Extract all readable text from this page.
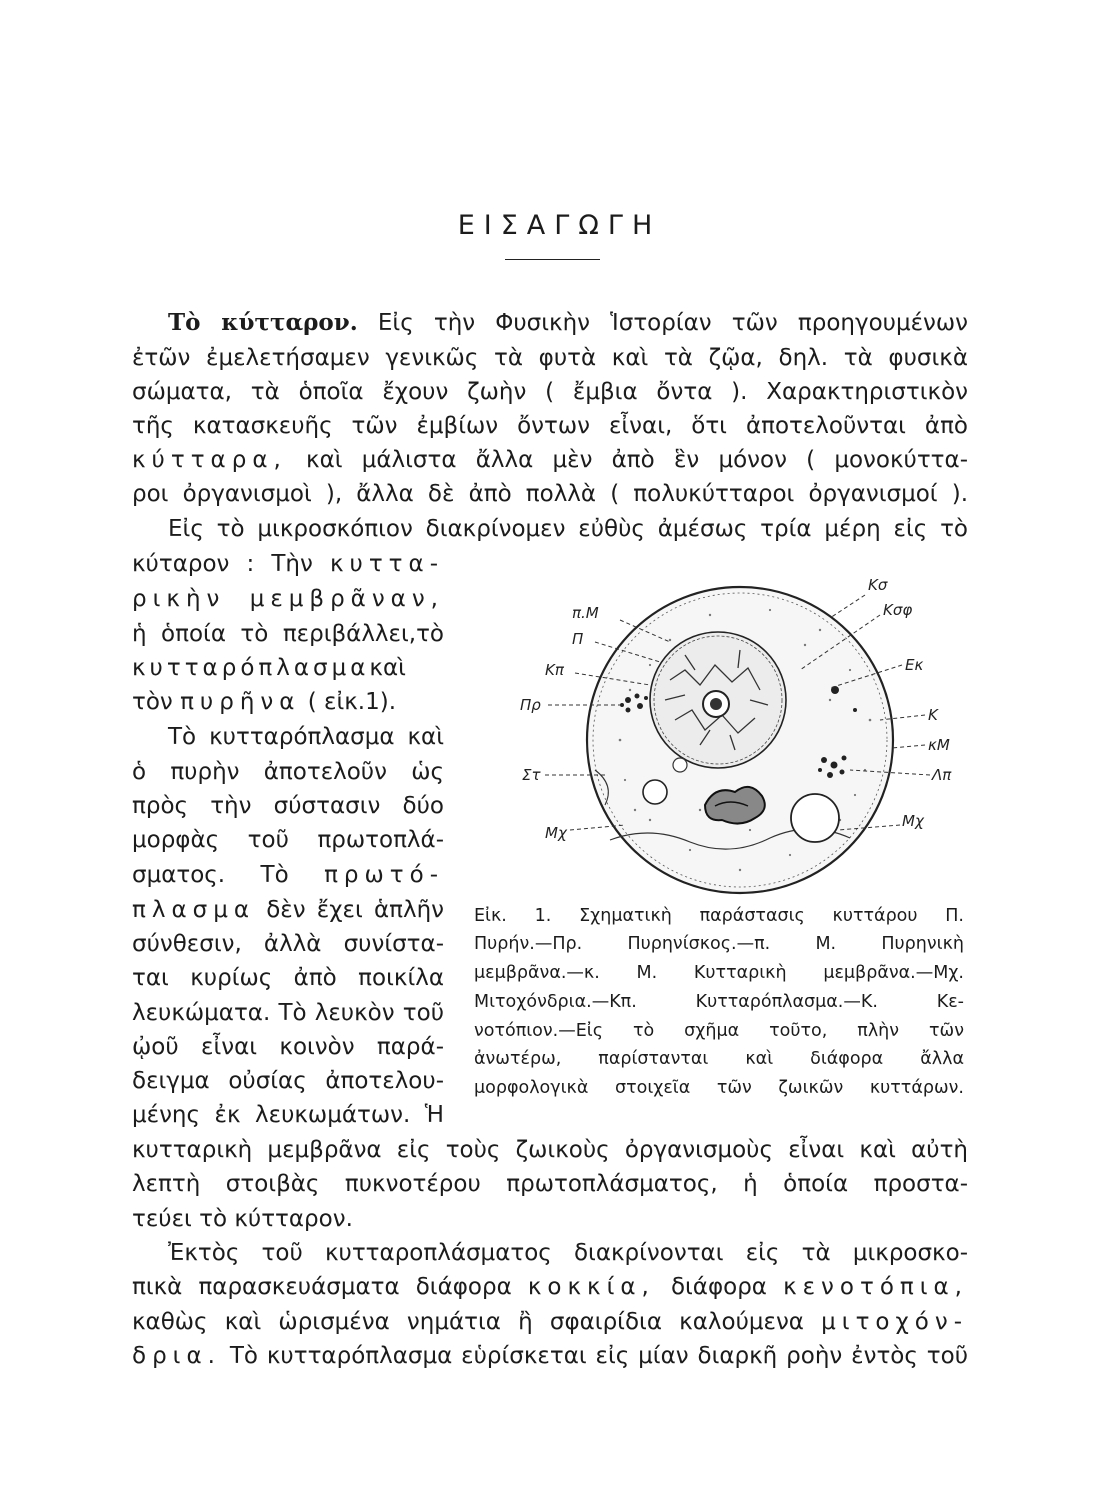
ΕΙΣΑΓΩΓΗ
Τὸ κύτταρον. Εἰς τὴν Φυσικὴν Ἱστορίαν τῶν προηγουμένων
ἐτῶν ἐμελετήσαμεν γενικῶς τὰ φυτὰ καὶ τὰ ζῷα, δηλ. τὰ φυσικὰ
σώματα, τὰ ὁποῖα ἔχουν ζωὴν ( ἔμβια ὄντα ). Χαρακτηριστικὸν
τῆς κατασκευῆς τῶν ἐμβίων ὄντων εἶναι, ὅτι ἀποτελοῦνται ἀπὸ
κύτταρα, καὶ μάλιστα ἄλλα μὲν ἀπὸ ἓν μόνον ( μονοκύττα-
ροι ὀργανισμοὶ ), ἄλλα δὲ ἀπὸ πολλὰ ( πολυκύτταροι ὀργανισμοί ).
Εἰς τὸ μικροσκόπιον διακρίνομεν εὐθὺς ἀμέσως τρία μέρη εἰς τὸ
κύταρον : Τὴν κυττα-
ρικὴν μεμβρᾶναν,
ἡ ὁποία τὸ περιβάλλει,τὸ
κυτταρόπλασμακαὶ
τὸν πυρῆνα ( εἰκ.1).
Τὸ κυτταρόπλασμα καὶ
ὁ πυρὴν ἀποτελοῦν ὡς
πρὸς τὴν σύστασιν δύο
μορφὰς τοῦ πρωτοπλά-
σματος. Τὸ πρωτό-
πλασμα δὲν ἔχει ἁπλῆν
σύνθεσιν, ἀλλὰ συνίστα-
ται κυρίως ἀπὸ ποικίλα
λευκώματα. Τὸ λευκὸν τοῦ
ᾠοῦ εἶναι κοινὸν παρά-
δειγμα οὐσίας ἀποτελου-
μένης ἐκ λευκωμάτων. Ἡ
π.Μ
Π
Κπ
Πρ
Στ
Μχ
Κσ
Κσφ
Εκ
Κ
κΜ
Λπ
Μχ
Εἰκ. 1. Σχηματικὴ παράστασις κυττάρου Π.
Πυρήν.—Πρ. Πυρηνίσκος.—π. Μ. Πυρηνικὴ
μεμβρᾶνα.—κ. Μ. Κυτταρικὴ μεμβρᾶνα.—Μχ.
Μιτοχόνδρια.—Κπ. Κυτταρόπλασμα.—Κ. Κε-
νοτόπιον.—Εἰς τὸ σχῆμα τοῦτο, πλὴν τῶν
ἀνωτέρω, παρίστανται καὶ διάφορα ἄλλα
μορφολογικὰ στοιχεῖα τῶν ζωικῶν κυττάρων.
κυτταρικὴ μεμβρᾶνα εἰς τοὺς ζωικοὺς ὀργανισμοὺς εἶναι καὶ αὐτὴ
λεπτὴ στοιβὰς πυκνοτέρου πρωτοπλάσματος, ἡ ὁποία προστα-
τεύει τὸ κύτταρον.
Ἐκτὸς τοῦ κυτταροπλάσματος διακρίνονται εἰς τὰ μικροσκο-
πικὰ παρασκευάσματα διάφορα κοκκία, διάφορα κενοτόπια,
καθὼς καὶ ὡρισμένα νημάτια ἢ σφαιρίδια καλούμενα μιτοχόν-
δρια. Τὸ κυτταρόπλασμα εὑρίσκεται εἰς μίαν διαρκῆ ροὴν ἐντὸς τοῦ
